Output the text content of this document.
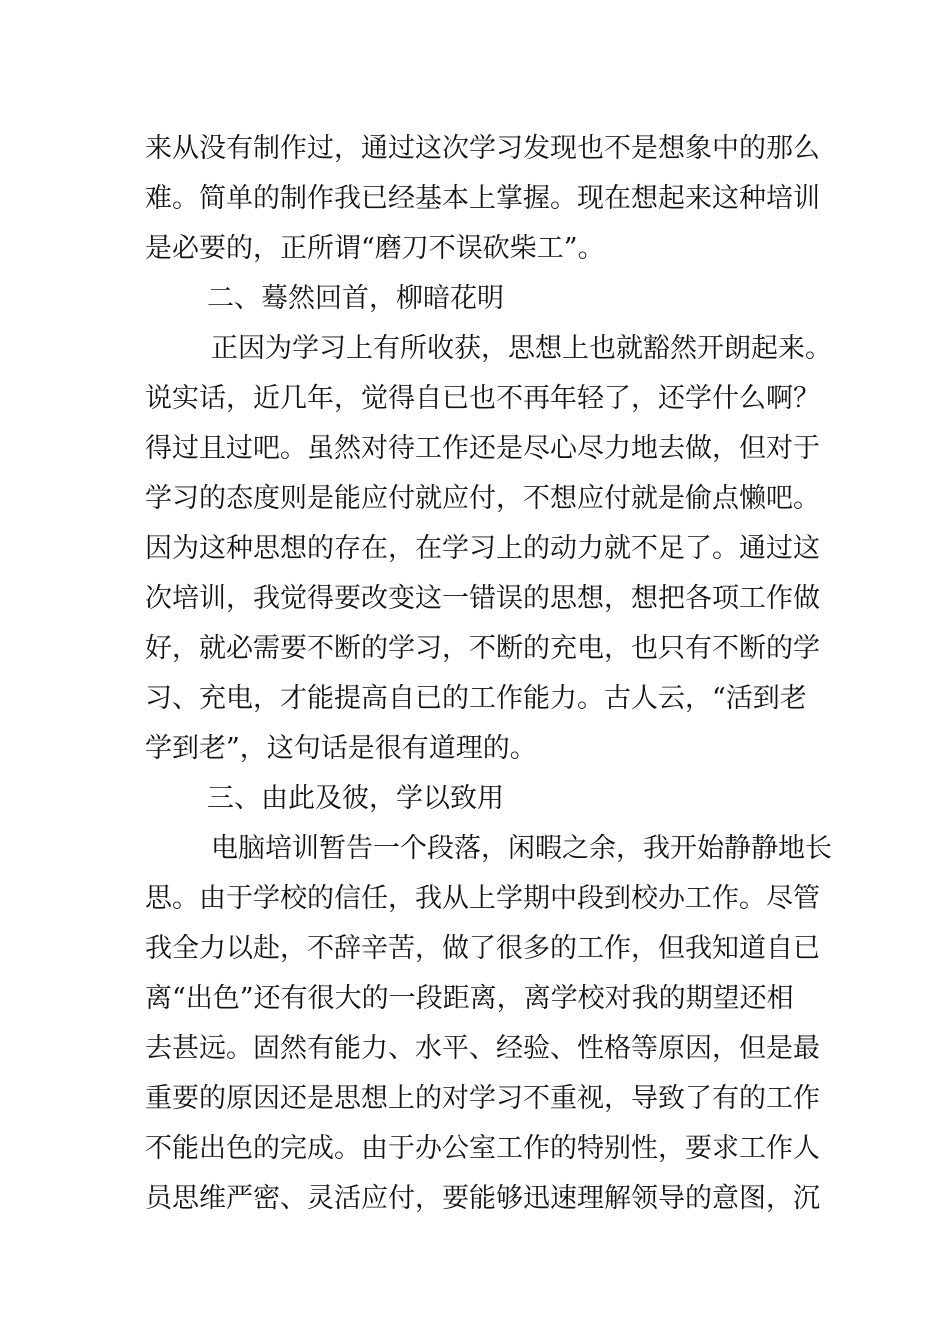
来从没有制作过，通过这次学习发现也不是想象中的那么
难。简单的制作我已经基本上掌握。现在想起来这种培训
是必要的，正所谓“磨刀不误砍柴工”。
二、蓦然回首，柳暗花明
正因为学习上有所收获，思想上也就豁然开朗起来。
说实话，近几年，觉得自已也不再年轻了，还学什么啊？
得过且过吧。虽然对待工作还是尽心尽力地去做，但对于
学习的态度则是能应付就应付，不想应付就是偷点懒吧。
因为这种思想的存在，在学习上的动力就不足了。通过这
次培训，我觉得要改变这一错误的思想，想把各项工作做
好，就必需要不断的学习，不断的充电，也只有不断的学
习、充电，才能提高自已的工作能力。古人云，“活到老
学到老”，这句话是很有道理的。
三、由此及彼，学以致用
电脑培训暂告一个段落，闲暇之余，我开始静静地长
思。由于学校的信任，我从上学期中段到校办工作。尽管
我全力以赴，不辞辛苦，做了很多的工作，但我知道自已
离“出色”还有很大的一段距离，离学校对我的期望还相
去甚远。固然有能力、水平、经验、性格等原因，但是最
重要的原因还是思想上的对学习不重视，导致了有的工作
不能出色的完成。由于办公室工作的特别性，要求工作人
员思维严密、灵活应付，要能够迅速理解领导的意图，沉
